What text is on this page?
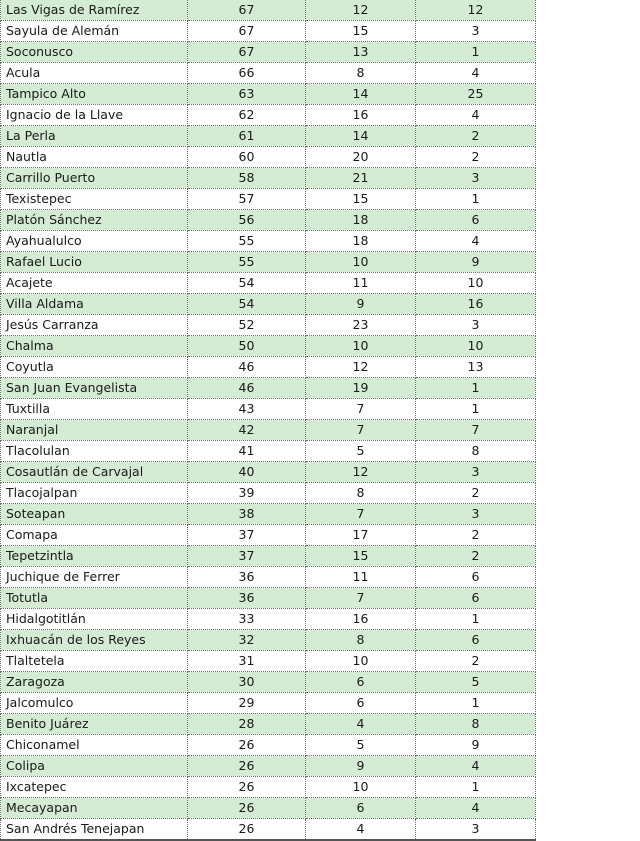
Las Vigas de Ramírez	67	12	12
Sayula de Alemán	67	15	3
Soconusco	67	13	1
Acula	66	8	4
Tampico Alto	63	14	25
Ignacio de la Llave	62	16	4
La Perla	61	14	2
Nautla	60	20	2
Carrillo Puerto	58	21	3
Texistepec	57	15	1
Platón Sánchez	56	18	6
Ayahualulco	55	18	4
Rafael Lucio	55	10	9
Acajete	54	11	10
Villa Aldama	54	9	16
Jesús Carranza	52	23	3
Chalma	50	10	10
Coyutla	46	12	13
San Juan Evangelista	46	19	1
Tuxtilla	43	7	1
Naranjal	42	7	7
Tlacolulan	41	5	8
Cosautlán de Carvajal	40	12	3
Tlacojalpan	39	8	2
Soteapan	38	7	3
Comapa	37	17	2
Tepetzintla	37	15	2
Juchique de Ferrer	36	11	6
Totutla	36	7	6
Hidalgotitlán	33	16	1
Ixhuacán de los Reyes	32	8	6
Tlaltetela	31	10	2
Zaragoza	30	6	5
Jalcomulco	29	6	1
Benito Juárez	28	4	8
Chiconamel	26	5	9
Colipa	26	9	4
Ixcatepec	26	10	1
Mecayapan	26	6	4
San Andrés Tenejapan	26	4	3
